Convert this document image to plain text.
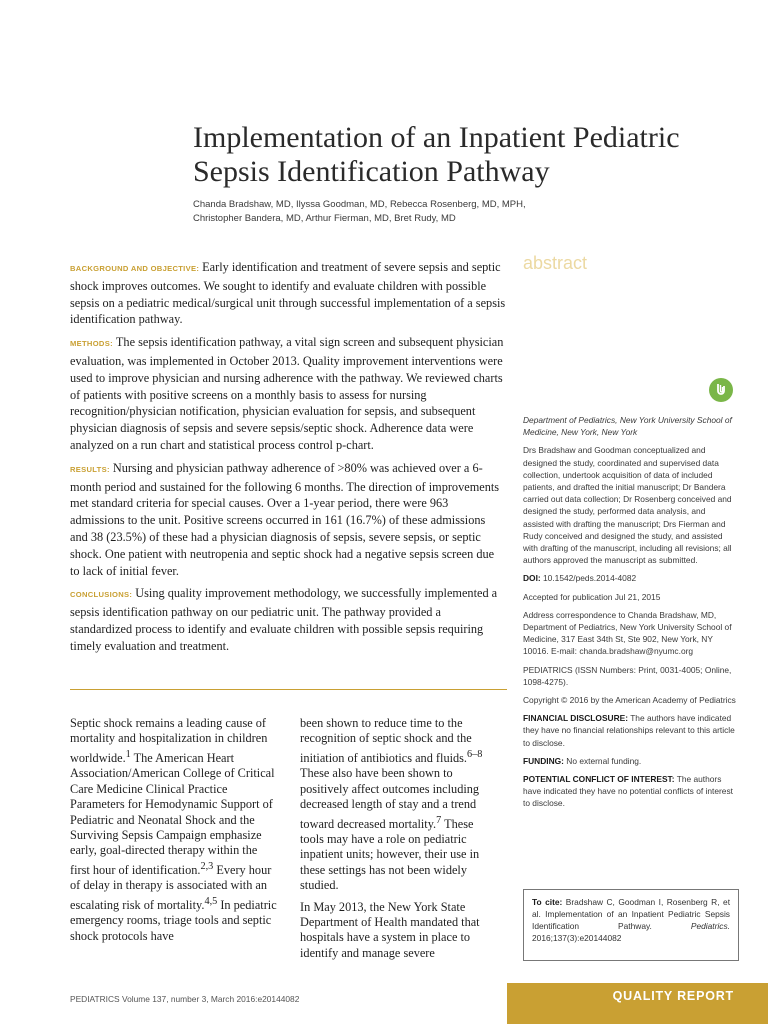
Implementation of an Inpatient Pediatric Sepsis Identification Pathway
Chanda Bradshaw, MD, Ilyssa Goodman, MD, Rebecca Rosenberg, MD, MPH,
Christopher Bandera, MD, Arthur Fierman, MD, Bret Rudy, MD
abstract

BACKGROUND AND OBJECTIVE: Early identification and treatment of severe sepsis and septic shock improves outcomes. We sought to identify and evaluate children with possible sepsis on a pediatric medical/surgical unit through successful implementation of a sepsis identification pathway.

METHODS: The sepsis identification pathway, a vital sign screen and subsequent physician evaluation, was implemented in October 2013. Quality improvement interventions were used to improve physician and nursing adherence with the pathway. We reviewed charts of patients with positive screens on a monthly basis to assess for nursing recognition/physician notification, physician evaluation for sepsis, and subsequent physician diagnosis of sepsis and severe sepsis/septic shock. Adherence data were analyzed on a run chart and statistical process control p-chart.

RESULTS: Nursing and physician pathway adherence of >80% was achieved over a 6-month period and sustained for the following 6 months. The direction of improvements met standard criteria for special causes. Over a 1-year period, there were 963 admissions to the unit. Positive screens occurred in 161 (16.7%) of these admissions and 38 (23.5%) of these had a physician diagnosis of sepsis, severe sepsis, or septic shock. One patient with neutropenia and septic shock had a negative sepsis screen due to lack of initial fever.

CONCLUSIONS: Using quality improvement methodology, we successfully implemented a sepsis identification pathway on our pediatric unit. The pathway provided a standardized process to identify and evaluate children with possible sepsis requiring timely evaluation and treatment.

Department of Pediatrics, New York University School of Medicine, New York, New York

Drs Bradshaw and Goodman conceptualized and designed the study, coordinated and supervised data collection, undertook acquisition of data of included patients, and drafted the initial manuscript; Dr Bandera carried out data collection; Dr Rosenberg conceived and designed the study, performed data analysis, and assisted with drafting the manuscript; Drs Fierman and Rudy conceived and designed the study, and assisted with drafting of the manuscript, including all revisions; all authors approved the manuscript as submitted.

DOI: 10.1542/peds.2014-4082

Accepted for publication Jul 21, 2015

Address correspondence to Chanda Bradshaw, MD, Department of Pediatrics, New York University School of Medicine, 317 East 34th St, Ste 902, New York, NY 10016. E-mail: chanda.bradshaw@nyumc.org

PEDIATRICS (ISSN Numbers: Print, 0031-4005; Online, 1098-4275).

Copyright © 2016 by the American Academy of Pediatrics

FINANCIAL DISCLOSURE: The authors have indicated they have no financial relationships relevant to this article to disclose.

FUNDING: No external funding.

POTENTIAL CONFLICT OF INTEREST: The authors have indicated they have no potential conflicts of interest to disclose.

To cite: Bradshaw C, Goodman I, Rosenberg R, et al. Implementation of an Inpatient Pediatric Sepsis Identification Pathway.	Pediatrics. 2016;137(3):e20144082

Septic shock remains a leading cause of mortality and hospitalization in children worldwide.$^1$ The American Heart Association/American College of Critical Care Medicine Clinical Practice Parameters for Hemodynamic Support of Pediatric and Neonatal Shock and the Surviving Sepsis Campaign emphasize early, goal-directed therapy within the first hour of identification.$^{2,3}$ Every hour of delay in therapy is associated with an escalating risk of mortality.$^{4,5}$ In pediatric emergency rooms, triage tools and septic shock protocols have

been shown to reduce time to the recognition of septic shock and the initiation of antibiotics and fluids.$^{6-8}$ These also have been shown to positively affect outcomes including decreased length of stay and a trend toward decreased mortality.$^7$ These tools may have a role on pediatric inpatient units; however, their use in these settings has not been widely studied.

In May 2013, the New York State Department of Health mandated that hospitals have a system in place to identify and manage severe

PEDIATRICS Volume 137, number 3, March 2016:e20144082	QUALITY REPORT
